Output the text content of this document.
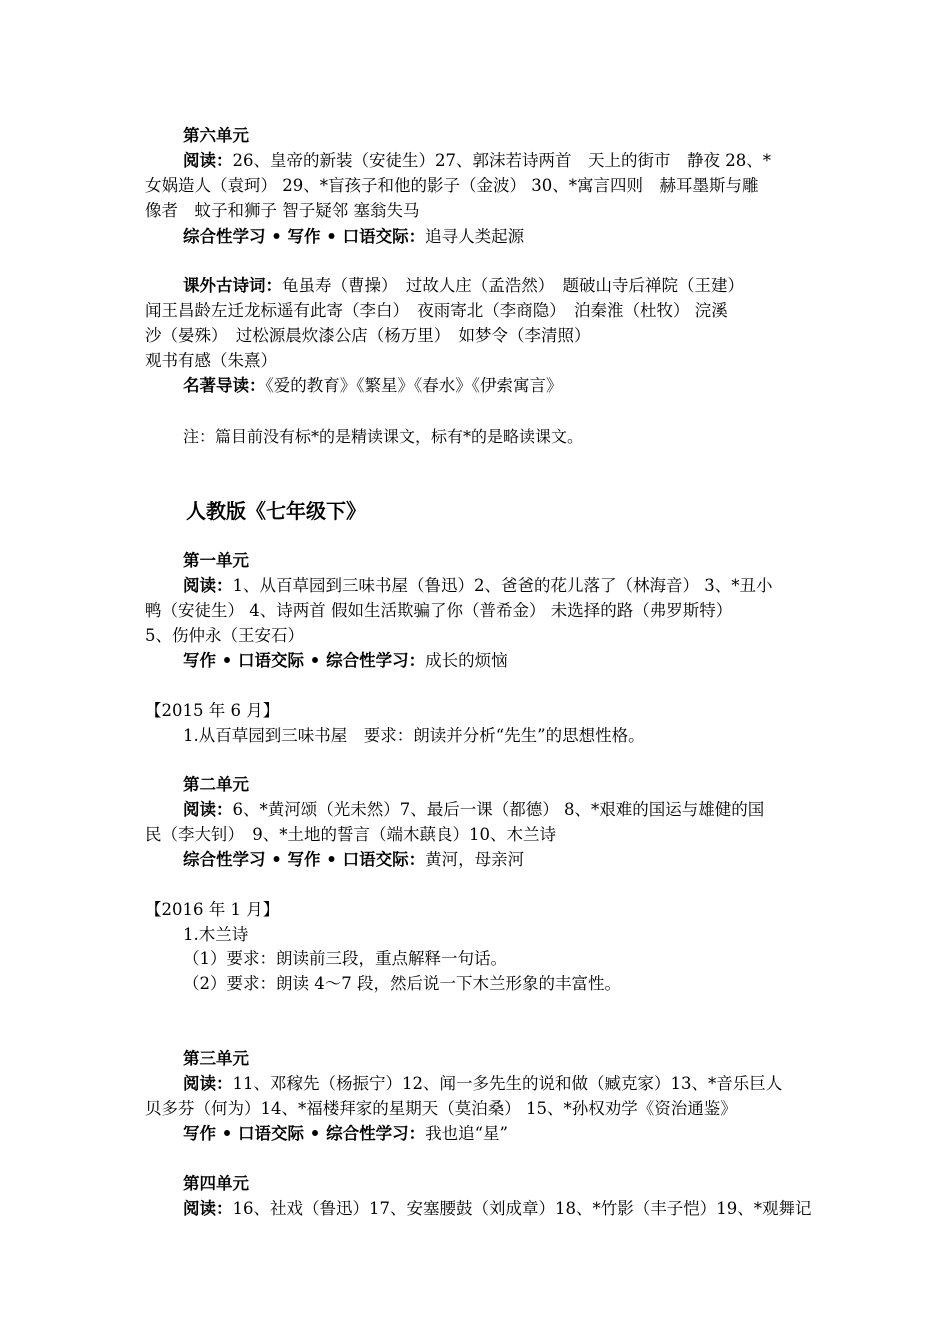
第六单元
阅读：26、皇帝的新装（安徒生）27、郭沫若诗两首　天上的街市　静夜 28、*
女娲造人（袁珂） 29、*盲孩子和他的影子（金波） 30、*寓言四则　赫耳墨斯与雕
像者　蚊子和狮子 智子疑邻 塞翁失马
综合性学习 • 写作 • 口语交际：追寻人类起源
课外古诗词：龟虽寿（曹操）　过故人庄（孟浩然）　题破山寺后禅院（王建）
闻王昌龄左迁龙标遥有此寄（李白）　夜雨寄北（李商隐）　泊秦淮（杜牧） 浣溪
沙（晏殊）　过松源晨炊漆公店（杨万里）　如梦令（李清照）
观书有感（朱熹）
名著导读：《爱的教育》《繁星》《春水》《伊索寓言》
注：篇目前没有标*的是精读课文，标有*的是略读课文。
人教版《七年级下》
第一单元
阅读：1、从百草园到三味书屋（鲁迅）2、爸爸的花儿落了（林海音） 3、*丑小
鸭（安徒生） 4、诗两首 假如生活欺骗了你（普希金） 未选择的路（弗罗斯特）
5、伤仲永（王安石）
写作 • 口语交际 • 综合性学习：成长的烦恼
【2015 年 6 月】
1.从百草园到三味书屋　要求：朗读并分析“先生”的思想性格。
第二单元
阅读：6、*黄河颂（光未然）7、最后一课（都德） 8、*艰难的国运与雄健的国
民（李大钊）　9、*土地的誓言（端木蕻良）10、木兰诗
综合性学习 • 写作 • 口语交际：黄河，母亲河
【2016 年 1 月】
1.木兰诗
（1）要求：朗读前三段，重点解释一句话。
（2）要求：朗读 4～7 段，然后说一下木兰形象的丰富性。
第三单元
阅读：11、邓稼先（杨振宁）12、闻一多先生的说和做（臧克家）13、*音乐巨人
贝多芬（何为）14、*福楼拜家的星期天（莫泊桑） 15、*孙权劝学《资治通鉴》
写作 • 口语交际 • 综合性学习：我也追“星”
第四单元
阅读：16、社戏（鲁迅）17、安塞腰鼓（刘成章）18、*竹影（丰子恺）19、*观舞记
